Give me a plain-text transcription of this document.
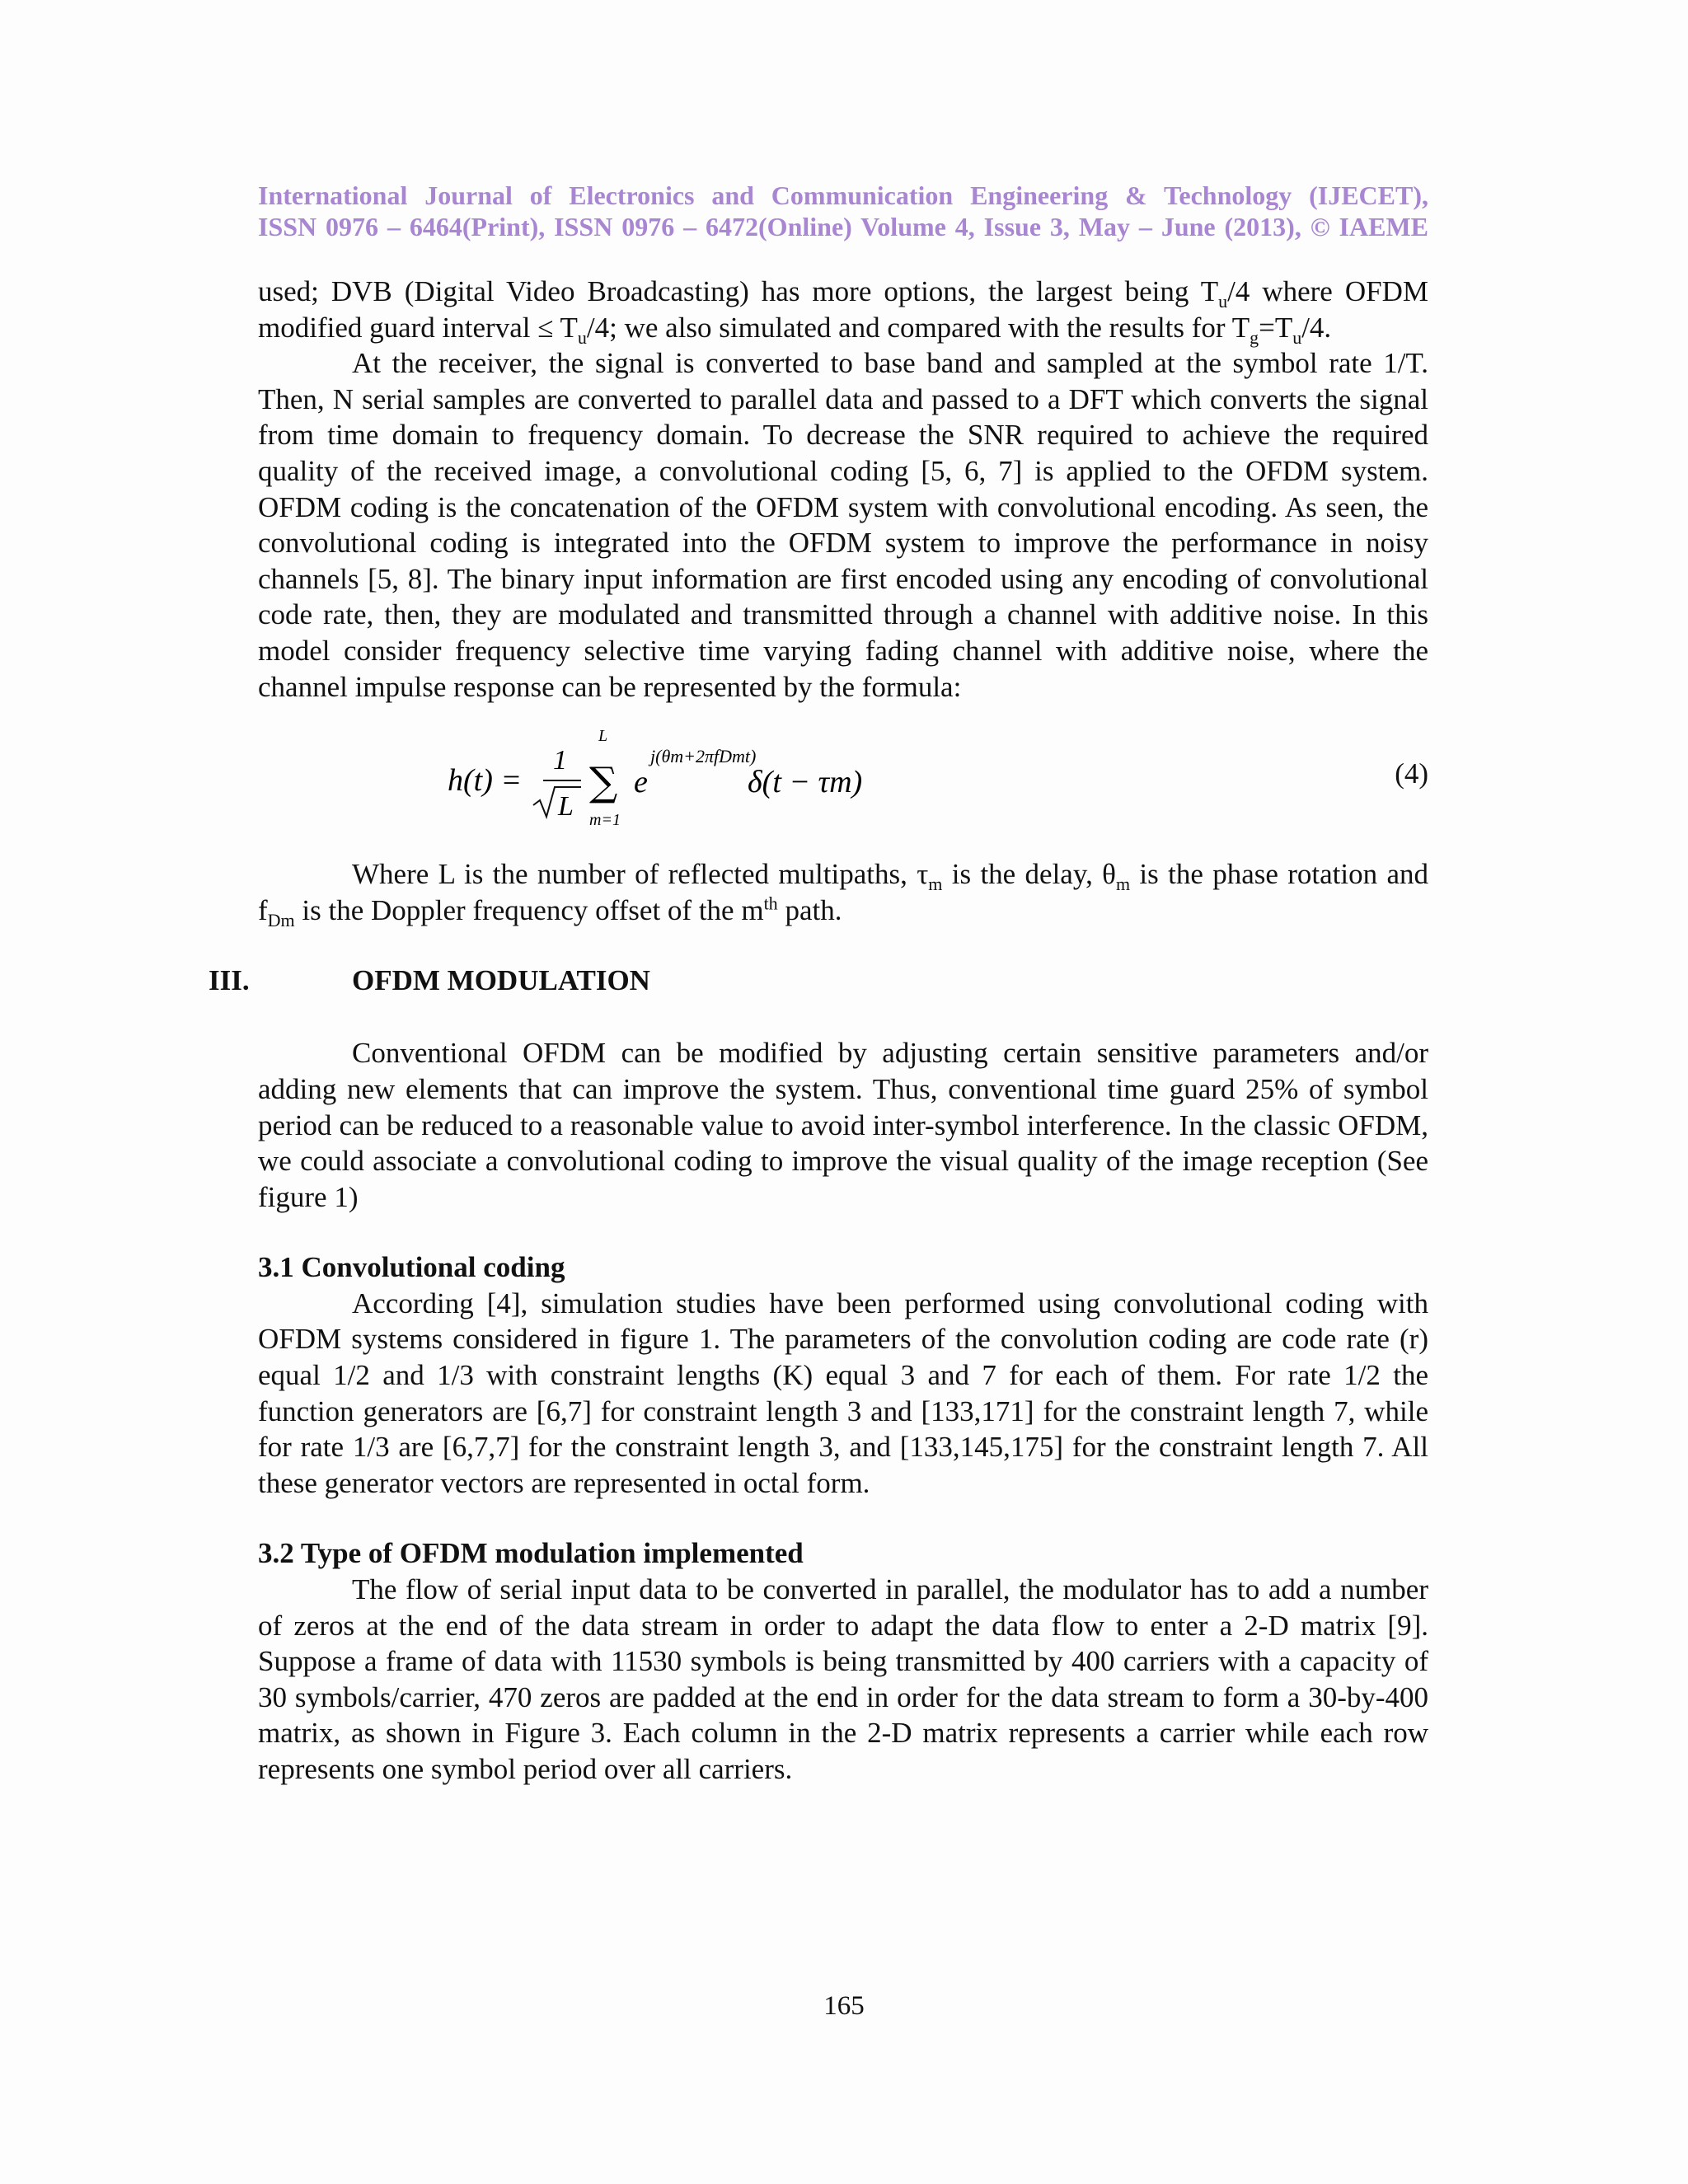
International Journal of Electronics and Communication Engineering & Technology (IJECET),
ISSN 0976 – 6464(Print), ISSN 0976 – 6472(Online) Volume 4, Issue 3, May – June (2013), © IAEME

used; DVB (Digital Video Broadcasting) has more options, the largest being $T_u/4$ where OFDM modified guard interval ≤ $T_u/4$; we also simulated and compared with the results for $T_g=T_u/4$.

At the receiver, the signal is converted to base band and sampled at the symbol rate 1/T. Then, N serial samples are converted to parallel data and passed to a DFT which converts the signal from time domain to frequency domain. To decrease the SNR required to achieve the required quality of the received image, a convolutional coding [5, 6, 7] is applied to the OFDM system. OFDM coding is the concatenation of the OFDM system with convolutional encoding. As seen, the convolutional coding is integrated into the OFDM system to improve the performance in noisy channels [5, 8]. The binary input information are first encoded using any encoding of convolutional code rate, then, they are modulated and transmitted through a channel with additive noise. In this model consider frequency selective time varying fading channel with additive noise, where the channel impulse response can be represented by the formula:

h(t) =
1
L
L
∑
m=1
e
j(θm+2πfDmt)
δ(t − τm)	(4)

Where L is the number of reflected multipaths, $\tau_m$ is the delay, $\theta_m$ is the phase rotation and $f_{Dm}$ is the Doppler frequency offset of the $m^{th}$ path.

III.	OFDM MODULATION

Conventional OFDM can be modified by adjusting certain sensitive parameters and/or adding new elements that can improve the system. Thus, conventional time guard 25% of symbol period can be reduced to a reasonable value to avoid inter-symbol interference. In the classic OFDM, we could associate a convolutional coding to improve the visual quality of the image reception (See figure 1)

3.1 Convolutional coding

According [4], simulation studies have been performed using convolutional coding with OFDM systems considered in figure 1. The parameters of the convolution coding are code rate (r) equal 1/2 and 1/3 with constraint lengths (K) equal 3 and 7 for each of them. For rate 1/2 the function generators are [6,7] for constraint length 3 and [133,171] for the constraint length 7, while for rate 1/3 are [6,7,7] for the constraint length 3, and [133,145,175] for the constraint length 7. All these generator vectors are represented in octal form.

3.2 Type of OFDM modulation implemented

The flow of serial input data to be converted in parallel, the modulator has to add a number of zeros at the end of the data stream in order to adapt the data flow to enter a 2-D matrix [9]. Suppose a frame of data with 11530 symbols is being transmitted by 400 carriers with a capacity of 30 symbols/carrier, 470 zeros are padded at the end in order for the data stream to form a 30-by-400 matrix, as shown in Figure 3. Each column in the 2-D matrix represents a carrier while each row represents one symbol period over all carriers.

165
